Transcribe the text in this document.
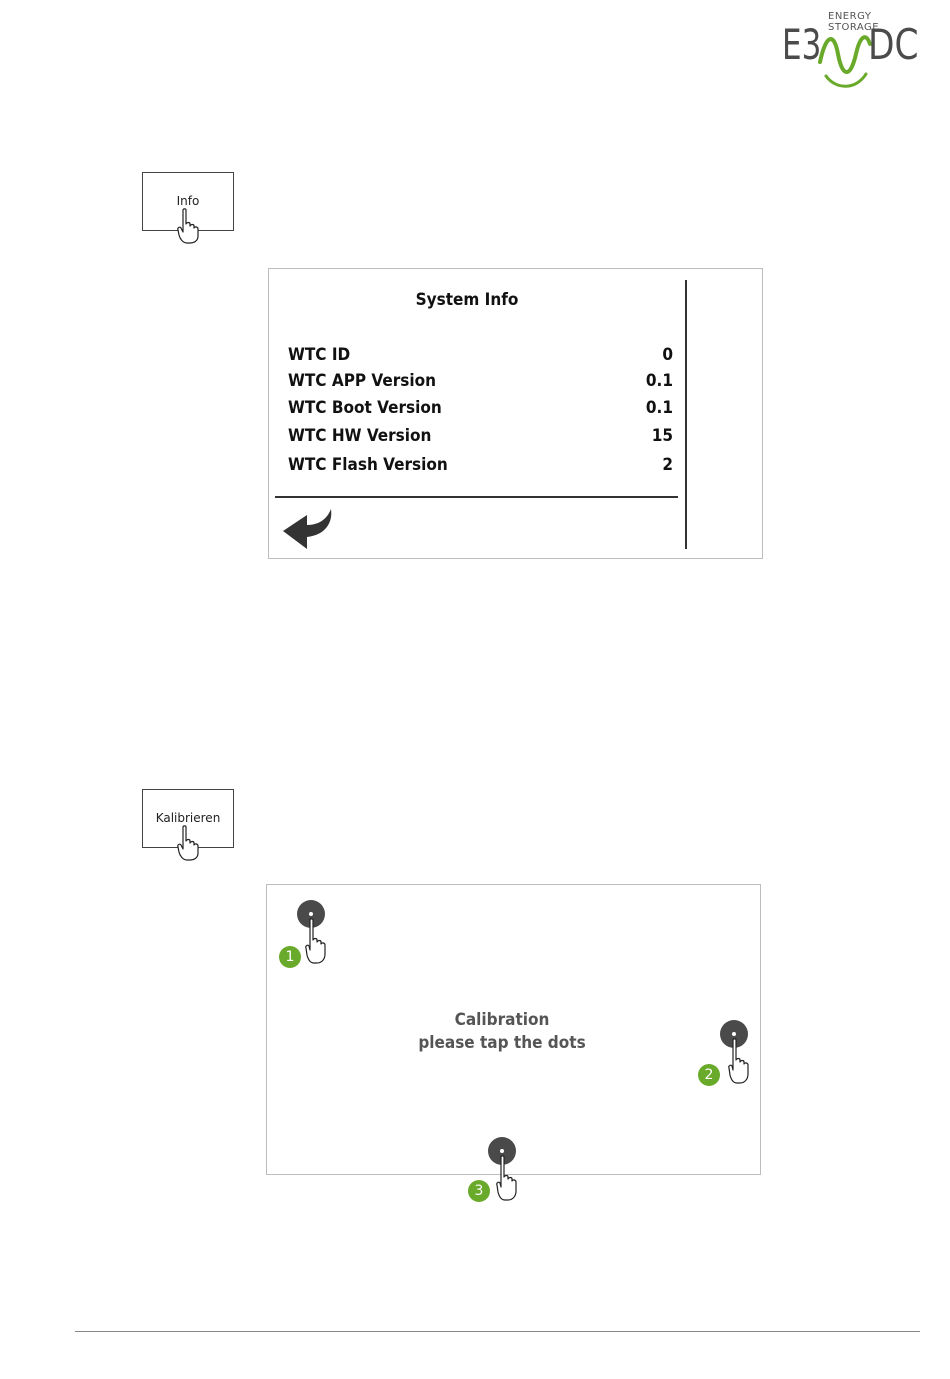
ENERGY STORAGE
E3 DC
Info
System Info
WTC ID	0
WTC APP Version	0.1
WTC Boot Version	0.1
WTC HW Version	15
WTC Flash Version	2
Kalibrieren
Calibration
please tap the dots
1
2
3
